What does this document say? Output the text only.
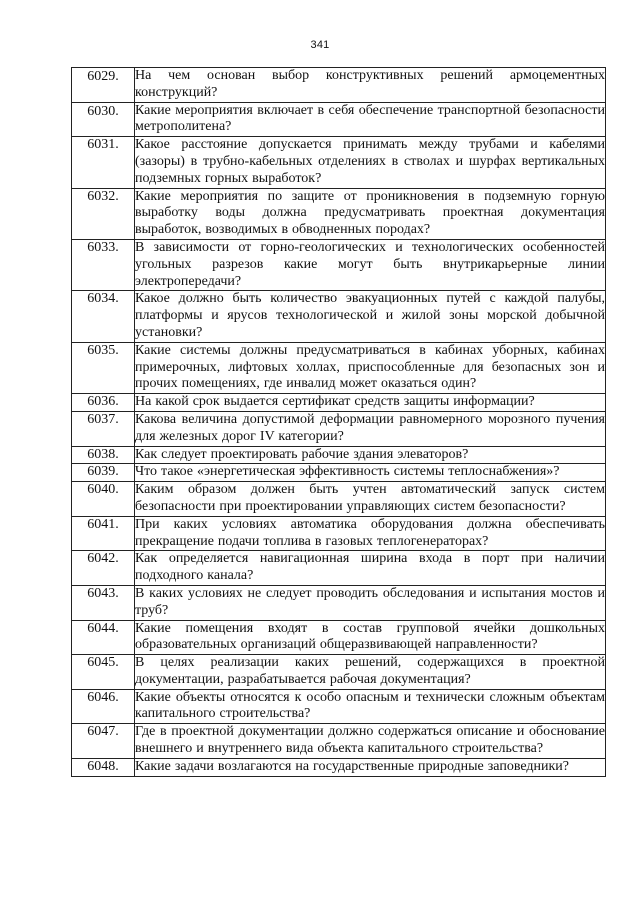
341
6029.	На чем основан выбор конструктивных решений армоцементных конструкций?
6030.	Какие мероприятия включает в себя обеспечение транспортной безопасности метрополитена?
6031.	Какое расстояние допускается принимать между трубами и кабелями (зазоры) в трубно-кабельных отделениях в стволах и шурфах вертикальных подземных горных выработок?
6032.	Какие мероприятия по защите от проникновения в подземную горную выработку воды должна предусматривать проектная документация выработок, возводимых в обводненных породах?
6033.	В зависимости от горно-геологических и технологических особенностей угольных разрезов какие могут быть внутрикарьерные линии электропередачи?
6034.	Какое должно быть количество эвакуационных путей с каждой палубы, платформы и ярусов технологической и жилой зоны морской добычной установки?
6035.	Какие системы должны предусматриваться в кабинах уборных, кабинах примерочных, лифтовых холлах, приспособленные для безопасных зон и прочих помещениях, где инвалид может оказаться один?
6036.	На какой срок выдается сертификат средств защиты информации?
6037.	Какова величина допустимой деформации равномерного морозного пучения для железных дорог IV категории?
6038.	Как следует проектировать рабочие здания элеваторов?
6039.	Что такое «энергетическая эффективность системы теплоснабжения»?
6040.	Каким образом должен быть учтен автоматический запуск систем безопасности при проектировании управляющих систем безопасности?
6041.	При каких условиях автоматика оборудования должна обеспечивать прекращение подачи топлива в газовых теплогенераторах?
6042.	Как определяется навигационная ширина входа в порт при наличии подходного канала?
6043.	В каких условиях не следует проводить обследования и испытания мостов и труб?
6044.	Какие помещения входят в состав групповой ячейки дошкольных образовательных организаций общеразвивающей направленности?
6045.	В целях реализации каких решений, содержащихся в проектной документации, разрабатывается рабочая документация?
6046.	Какие объекты относятся к особо опасным и технически сложным объектам капитального строительства?
6047.	Где в проектной документации должно содержаться описание и обоснование внешнего и внутреннего вида объекта капитального строительства?
6048.	Какие задачи возлагаются на государственные природные заповедники?
